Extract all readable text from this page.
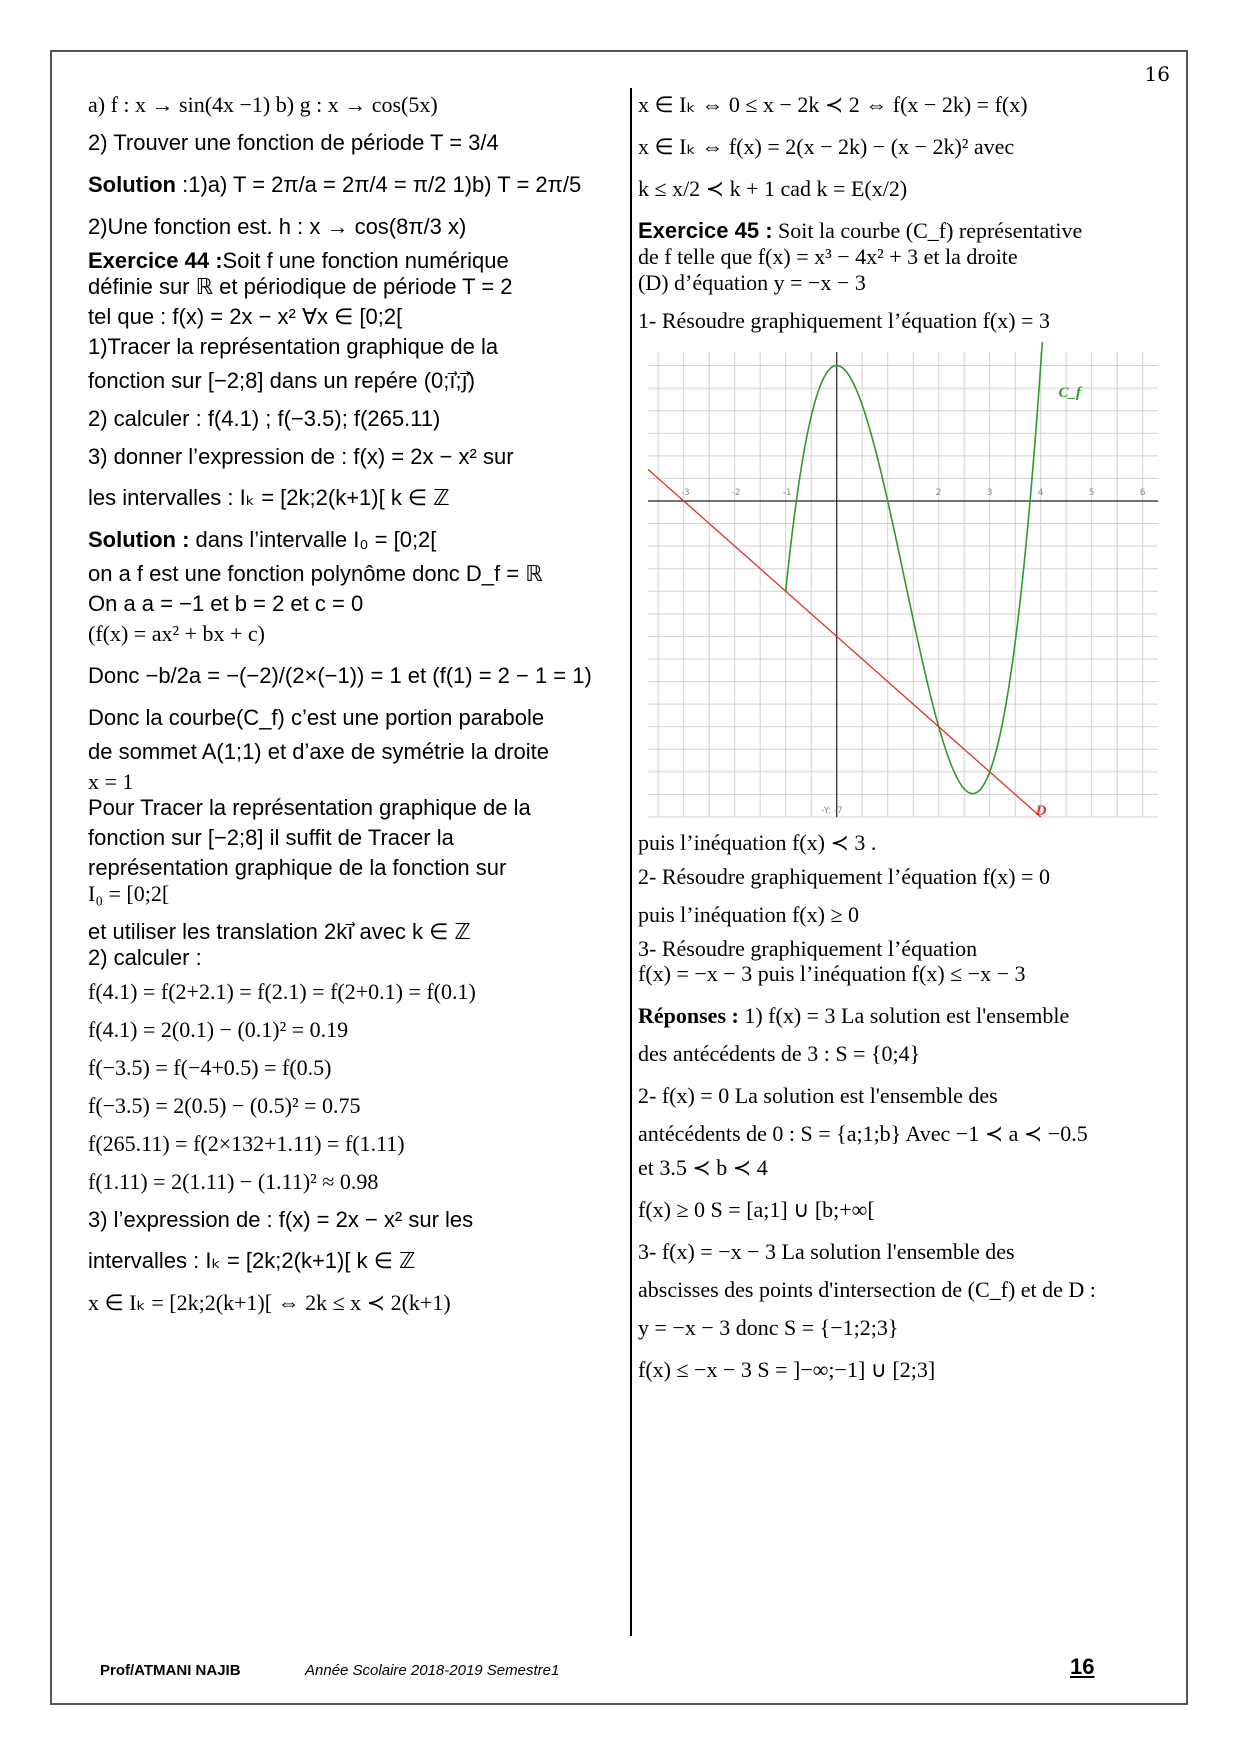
16

a) f : x → sin(4x −1) b) g : x → cos(5x)

2) Trouver une fonction de période T = 3/4

Solution :1)a) T = 2π/a = 2π/4 = π/2 1)b) T = 2π/5

2)Une fonction est. h : x → cos(8π/3 x)

Exercice 44 :Soit f une fonction numérique

définie sur ℝ et périodique de période T = 2

tel que : f(x) = 2x − x² ∀x ∈ [0;2[

1)Tracer la représentation graphique de la

fonction sur [−2;8] dans un repére (0;i⃗;j⃗)

2) calculer : f(4.1) ; f(−3.5); f(265.11)

3) donner l’expression de : f(x) = 2x − x² sur

les intervalles : Iₖ = [2k;2(k+1)[ k ∈ ℤ

Solution : dans l’intervalle I₀ = [0;2[

on a f est une fonction polynôme donc D_f = ℝ

On a a = −1 et b = 2 et c = 0

(f(x) = ax² + bx + c)

Donc −b/2a = −(−2)/(2×(−1)) = 1 et (f(1) = 2 − 1 = 1)

Donc la courbe(C_f) c’est une portion parabole

de sommet A(1;1) et d’axe de symétrie la droite

x = 1

Pour Tracer la représentation graphique de la

fonction sur [−2;8] il suffit de Tracer la

représentation graphique de la fonction sur

I₀ = [0;2[

et utiliser les translation 2ki⃗ avec k ∈ ℤ

2) calculer :

f(4.1) = f(2+2.1) = f(2.1) = f(2+0.1) = f(0.1)

f(4.1) = 2(0.1) − (0.1)² = 0.19

f(−3.5) = f(−4+0.5) = f(0.5)

f(−3.5) = 2(0.5) − (0.5)² = 0.75

f(265.11) = f(2×132+1.11) = f(1.11)

f(1.11) = 2(1.11) − (1.11)² ≈ 0.98

3) l’expression de : f(x) = 2x − x² sur les

intervalles : Iₖ = [2k;2(k+1)[ k ∈ ℤ

x ∈ Iₖ = [2k;2(k+1)[ ⇔ 2k ≤ x ≺ 2(k+1)

x ∈ Iₖ ⇔ 0 ≤ x − 2k ≺ 2 ⇔ f(x − 2k) = f(x)

x ∈ Iₖ ⇔ f(x) = 2(x − 2k) − (x − 2k)² avec

k ≤ x/2 ≺ k + 1 cad k = E(x/2)

Exercice 45 : Soit la courbe (C_f) représentative

de f telle que f(x) = x³ − 4x² + 3 et la droite

(D) d’équation y = −x − 3

1- Résoudre graphiquement l’équation f(x) = 3

-3	-2	-1	2	3	4	5	6
-Y: -7
C_f
D

puis l’inéquation f(x) ≺ 3 .

2- Résoudre graphiquement l’équation f(x) = 0

puis l’inéquation f(x) ≥ 0

3- Résoudre graphiquement l’équation

f(x) = −x − 3 puis l’inéquation f(x) ≤ −x − 3

Réponses : 1) f(x) = 3 La solution est l'ensemble

des antécédents de 3 : S = {0;4}

2- f(x) = 0 La solution est l'ensemble des

antécédents de 0 : S = {a;1;b} Avec −1 ≺ a ≺ −0.5

et 3.5 ≺ b ≺ 4

f(x) ≥ 0 S = [a;1] ∪ [b;+∞[

3- f(x) = −x − 3 La solution l'ensemble des

abscisses des points d'intersection de (C_f) et de D :

y = −x − 3 donc S = {−1;2;3}

f(x) ≤ −x − 3 S = ]−∞;−1] ∪ [2;3]

Prof/ATMANI NAJIB	Année Scolaire 2018-2019 Semestre1	16
